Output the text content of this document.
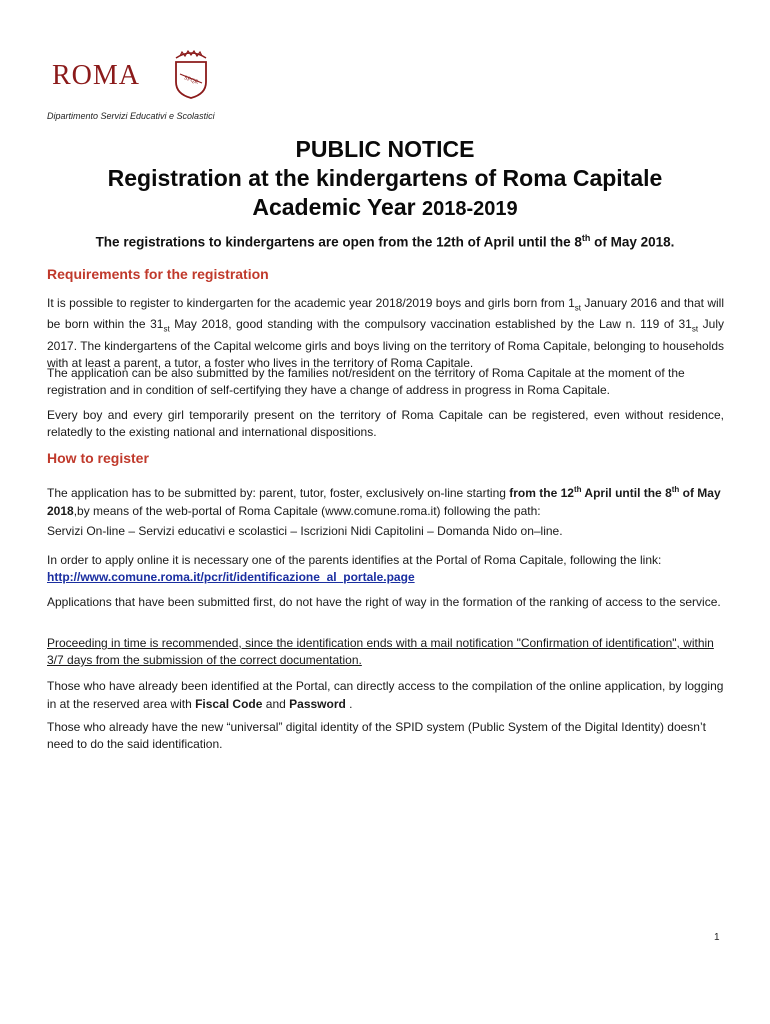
ROMA	SPQR
Dipartimento Servizi Educativi e Scolastici
PUBLIC NOTICE
Registration at the kindergartens of Roma Capitale
Academic Year 2018-2019
The registrations to kindergartens are open from the 12th of April until the 8th of May 2018.
Requirements for the registration
It is possible to register to kindergarten for the academic year 2018/2019 boys and girls born from $1_{st}$ January 2016 and that will be born within the $31_{st}$ May 2018, good standing with the compulsory vaccination established by the Law n. 119 of $31_{st}$ July 2017. The kindergartens of the Capital welcome girls and boys living on the territory of Roma Capitale, belonging to households with at least a parent, a tutor, a foster who lives in the territory of Roma Capitale.
The application can be also submitted by the families not/resident on the territory of Roma Capitale at the moment of the registration and in condition of self-certifying they have a change of address in progress in Roma Capitale.
Every boy and every girl temporarily present on the territory of Roma Capitale can be registered, even without residence, relatedly to the existing national and international dispositions.
How to register
The application has to be submitted by: parent, tutor, foster, exclusively on-line starting from the 12th April until the 8th of May 2018,by means of the web-portal of Roma Capitale (www.comune.roma.it) following the path:
Servizi On-line – Servizi educativi e scolastici – Iscrizioni Nidi Capitolini – Domanda Nido on–line.
In order to apply online it is necessary one of the parents identifies at the Portal of Roma Capitale, following the link:
http://www.comune.roma.it/pcr/it/identificazione_al_portale.page
Applications that have been submitted first, do not have the right of way in the formation of the ranking of access to the service.
Proceeding in time is recommended, since the identification ends with a mail notification "Confirmation of identification", within 3/7 days from the submission of the correct documentation.
Those who have already been identified at the Portal, can directly access to the compilation of the online application, by logging in at the reserved area with Fiscal Code and Password .
Those who already have the new “universal” digital identity of the SPID system (Public System of the Digital Identity) doesn’t need to do the said identification.
1
